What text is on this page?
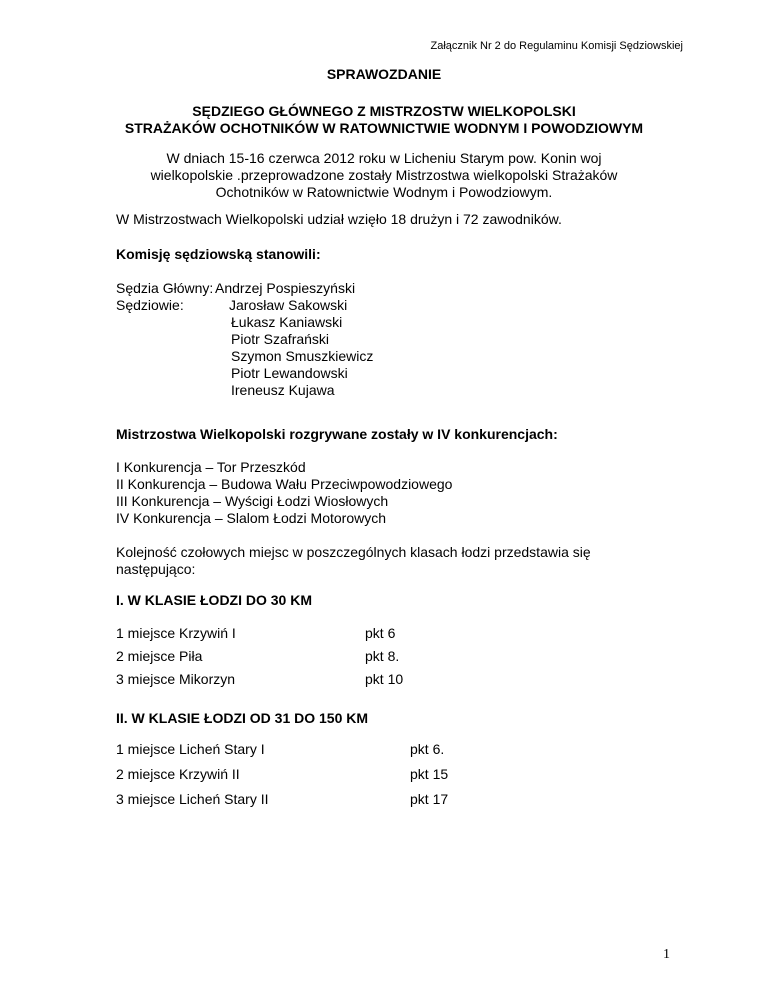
Załącznik Nr 2 do Regulaminu Komisji Sędziowskiej
SPRAWOZDANIE
SĘDZIEGO GŁÓWNEGO Z MISTRZOSTW WIELKOPOLSKI
STRAŻAKÓW OCHOTNIKÓW W RATOWNICTWIE WODNYM I POWODZIOWYM
W dniach 15-16 czerwca 2012 roku w Licheniu Starym pow. Konin woj
wielkopolskie .przeprowadzone zostały Mistrzostwa wielkopolski Strażaków
Ochotników w Ratownictwie Wodnym i Powodziowym.
W Mistrzostwach Wielkopolski udział wzięło 18 drużyn i 72 zawodników.
Komisję sędziowską stanowili:
Sędzia Główny: Andrzej Pospieszyński
Sędziowie:	Jarosław Sakowski
Łukasz Kaniawski
Piotr Szafrański
Szymon Smuszkiewicz
Piotr Lewandowski
Ireneusz Kujawa
Mistrzostwa Wielkopolski rozgrywane zostały w IV konkurencjach:
I Konkurencja – Tor Przeszkód
II Konkurencja – Budowa Wału Przeciwpowodziowego
III Konkurencja – Wyścigi Łodzi Wiosłowych
IV Konkurencja – Slalom Łodzi Motorowych
Kolejność czołowych miejsc w poszczególnych klasach łodzi przedstawia się
następująco:
I. W KLASIE ŁODZI DO 30 KM
1 miejsce Krzywiń I	pkt 6
2 miejsce Piła	pkt 8.
3 miejsce Mikorzyn	pkt 10
II. W KLASIE ŁODZI OD 31 DO 150 KM
1 miejsce Licheń Stary I	pkt 6.
2 miejsce Krzywiń II	pkt 15
3 miejsce Licheń Stary II	pkt 17
1
